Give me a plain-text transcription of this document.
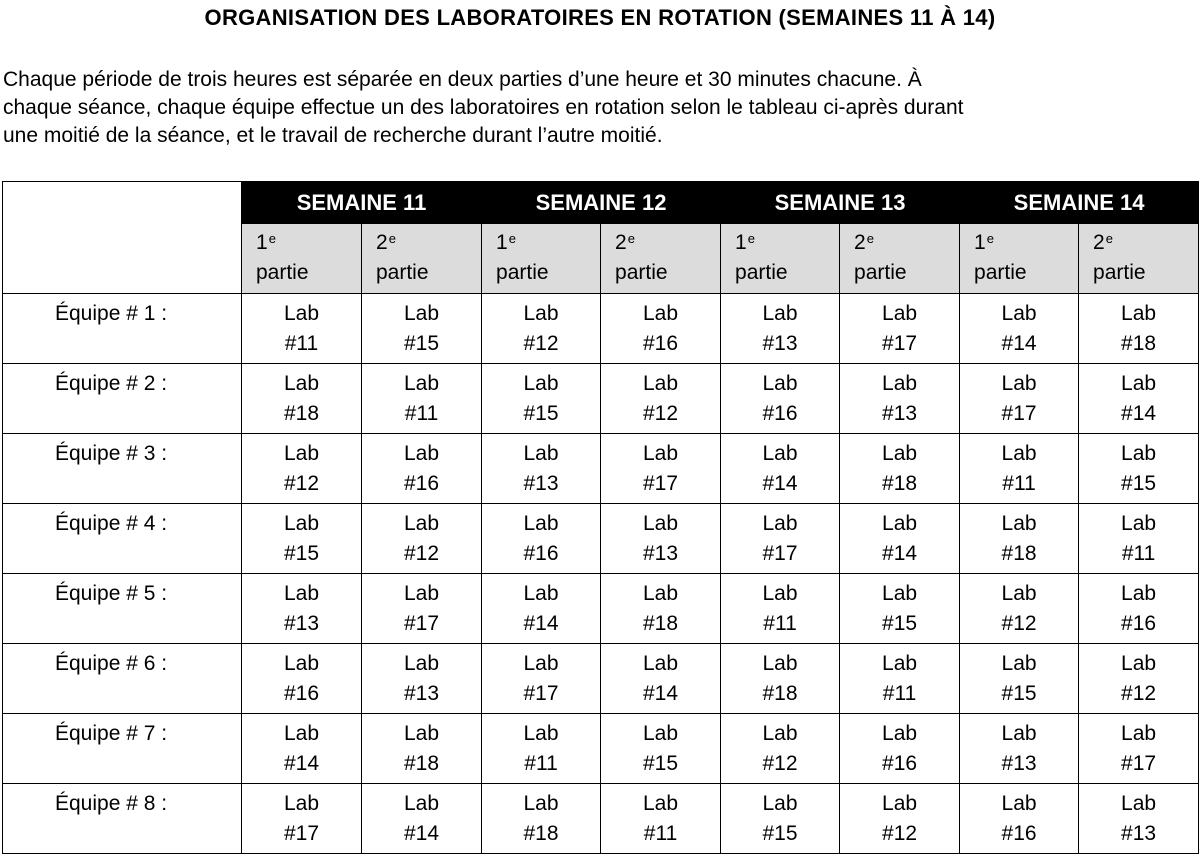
ORGANISATION DES LABORATOIRES EN ROTATION (SEMAINES 11 À 14)

Chaque période de trois heures est séparée en deux parties d’une heure et 30 minutes chacune. À
chaque séance, chaque équipe effectue un des laboratoires en rotation selon le tableau ci-après durant
une moitié de la séance, et le travail de recherche durant l’autre moitié.

	SEMAINE 11		SEMAINE 12		SEMAINE 13		SEMAINE 14	
	1e
partie	2e
partie	1e
partie	2e
partie	1e
partie	2e
partie	1e
partie	2e
partie
Équipe # 1 :	Lab
#11	Lab
#15	Lab
#12	Lab
#16	Lab
#13	Lab
#17	Lab
#14	Lab
#18

Équipe # 2 :	Lab
#18	Lab
#11	Lab
#15	Lab
#12	Lab
#16	Lab
#13	Lab
#17	Lab
#14

Équipe # 3 :	Lab
#12	Lab
#16	Lab
#13	Lab
#17	Lab
#14	Lab
#18	Lab
#11	Lab
#15

Équipe # 4 :	Lab
#15	Lab
#12	Lab
#16	Lab
#13	Lab
#17	Lab
#14	Lab
#18	Lab
#11

Équipe # 5 :	Lab
#13	Lab
#17	Lab
#14	Lab
#18	Lab
#11	Lab
#15	Lab
#12	Lab
#16

Équipe # 6 :	Lab
#16	Lab
#13	Lab
#17	Lab
#14	Lab
#18	Lab
#11	Lab
#15	Lab
#12

Équipe # 7 :	Lab
#14	Lab
#18	Lab
#11	Lab
#15	Lab
#12	Lab
#16	Lab
#13	Lab
#17

Équipe # 8 :	Lab
#17	Lab
#14	Lab
#18	Lab
#11	Lab
#15	Lab
#12	Lab
#16	Lab
#13
